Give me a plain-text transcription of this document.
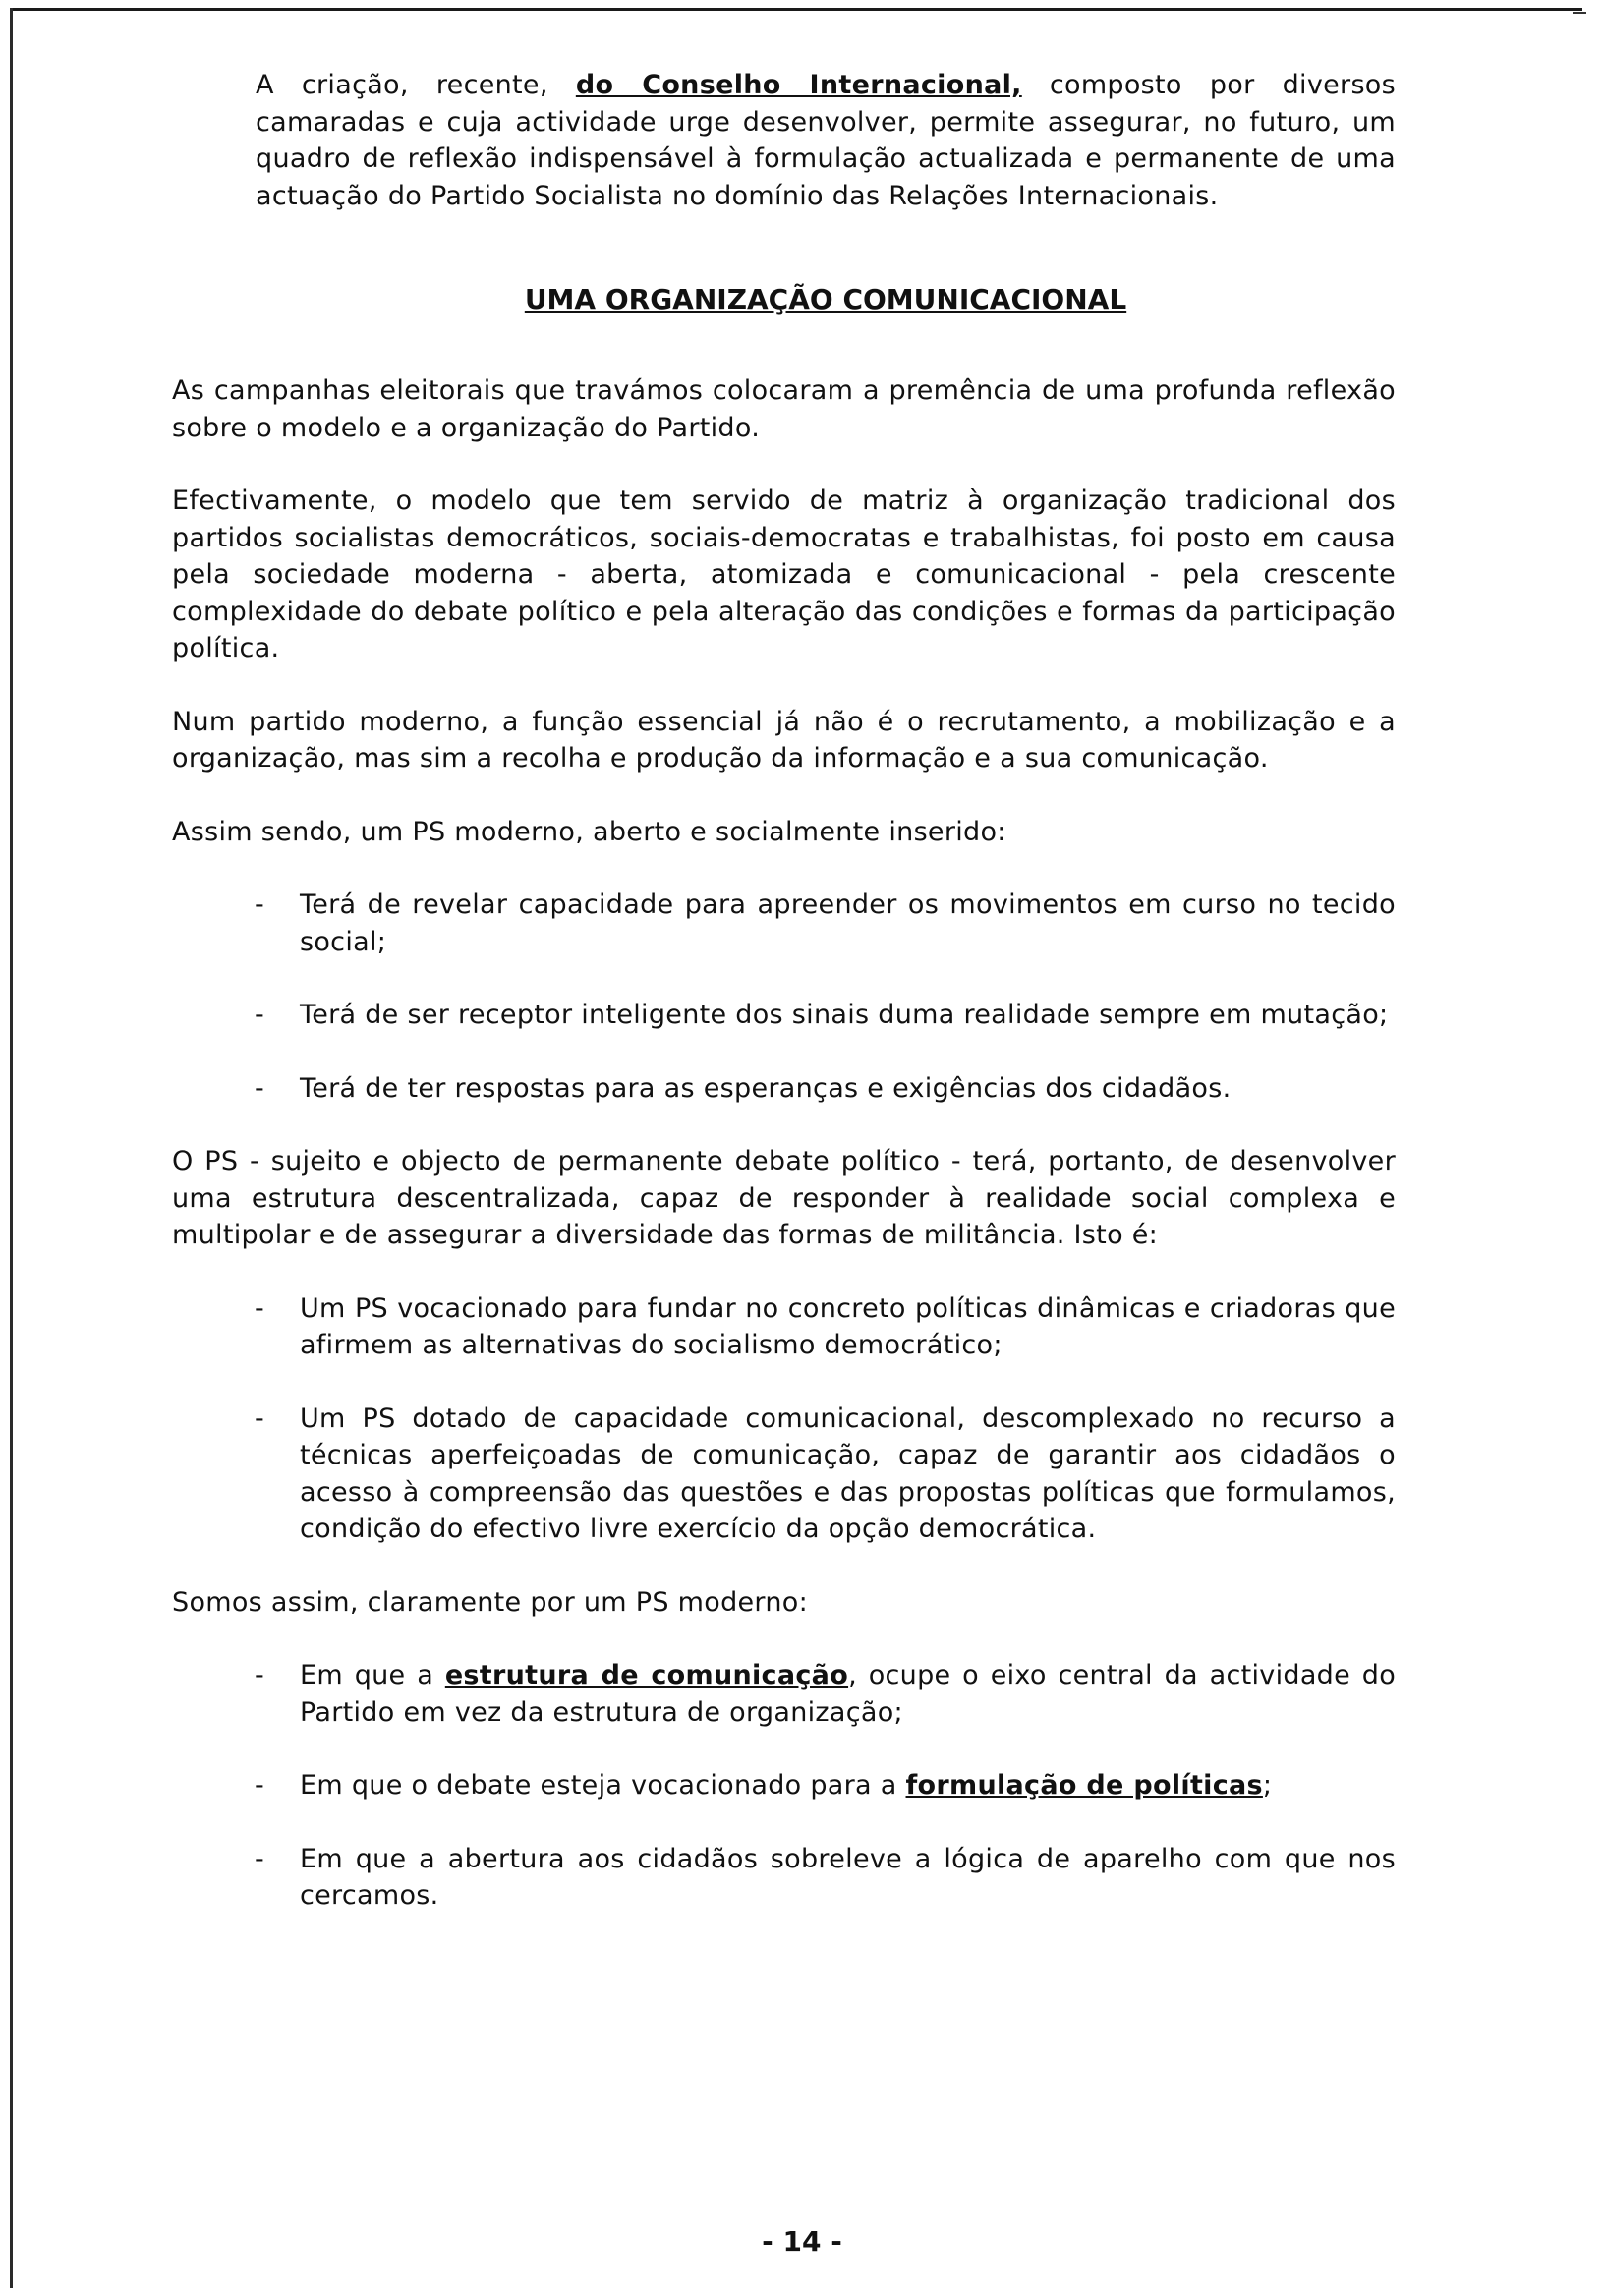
A criação, recente, do Conselho Internacional, composto por diversos camaradas e cuja actividade urge desenvolver, permite assegurar, no futuro, um quadro de reflexão indispensável à formulação actualizada e permanente de uma actuação do Partido Socialista no domínio das Relações Internacionais.

UMA ORGANIZAÇÃO COMUNICACIONAL

As campanhas eleitorais que travámos colocaram a premência de uma profunda reflexão sobre o modelo e a organização do Partido.

Efectivamente, o modelo que tem servido de matriz à organização tradicional dos partidos socialistas democráticos, sociais-democratas e trabalhistas, foi posto em causa pela sociedade moderna - aberta, atomizada e comunicacional - pela crescente complexidade do debate político e pela alteração das condições e formas da participação política.

Num partido moderno, a função essencial já não é o recrutamento, a mobilização e a organização, mas sim a recolha e produção da informação e a sua comunicação.

Assim sendo, um PS moderno, aberto e socialmente inserido:

- Terá de revelar capacidade para apreender os movimentos em curso no tecido social;
- Terá de ser receptor inteligente dos sinais duma realidade sempre em mutação;
- Terá de ter respostas para as esperanças e exigências dos cidadãos.

O PS - sujeito e objecto de permanente debate político - terá, portanto, de desenvolver uma estrutura descentralizada, capaz de responder à realidade social complexa e multipolar e de assegurar a diversidade das formas de militância. Isto é:

- Um PS vocacionado para fundar no concreto políticas dinâmicas e criadoras que afirmem as alternativas do socialismo democrático;
- Um PS dotado de capacidade comunicacional, descomplexado no recurso a técnicas aperfeiçoadas de comunicação, capaz de garantir aos cidadãos o acesso à compreensão das questões e das propostas políticas que formulamos, condição do efectivo livre exercício da opção democrática.

Somos assim, claramente por um PS moderno:

- Em que a estrutura de comunicação, ocupe o eixo central da actividade do Partido em vez da estrutura de organização;
- Em que o debate esteja vocacionado para a formulação de políticas;
- Em que a abertura aos cidadãos sobreleve a lógica de aparelho com que nos cercamos.
- 14 -
